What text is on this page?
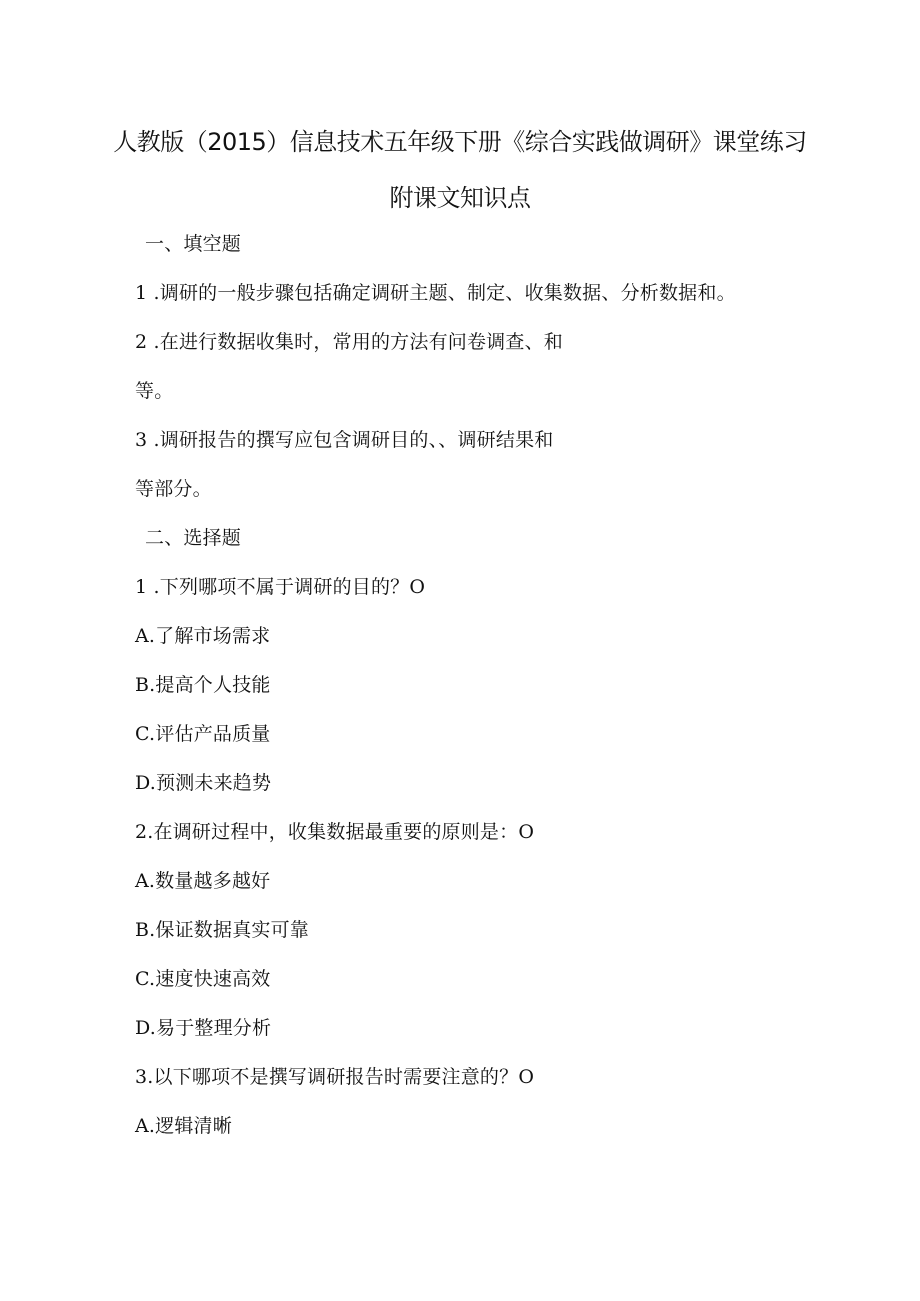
人教版（2015）信息技术五年级下册《综合实践做调研》课堂练习
附课文知识点

一、填空题

1 .调研的一般步骤包括确定调研主题、制定、收集数据、分析数据和。

2 .在进行数据收集时，常用的方法有问卷调查、和

等。

3 .调研报告的撰写应包含调研目的、、调研结果和

等部分。

二、选择题

1 .下列哪项不属于调研的目的？O

A.了解市场需求

B.提高个人技能

C.评估产品质量

D.预测未来趋势

2.在调研过程中，收集数据最重要的原则是：O

A.数量越多越好

B.保证数据真实可靠

C.速度快速高效

D.易于整理分析

3.以下哪项不是撰写调研报告时需要注意的？O

A.逻辑清晰
